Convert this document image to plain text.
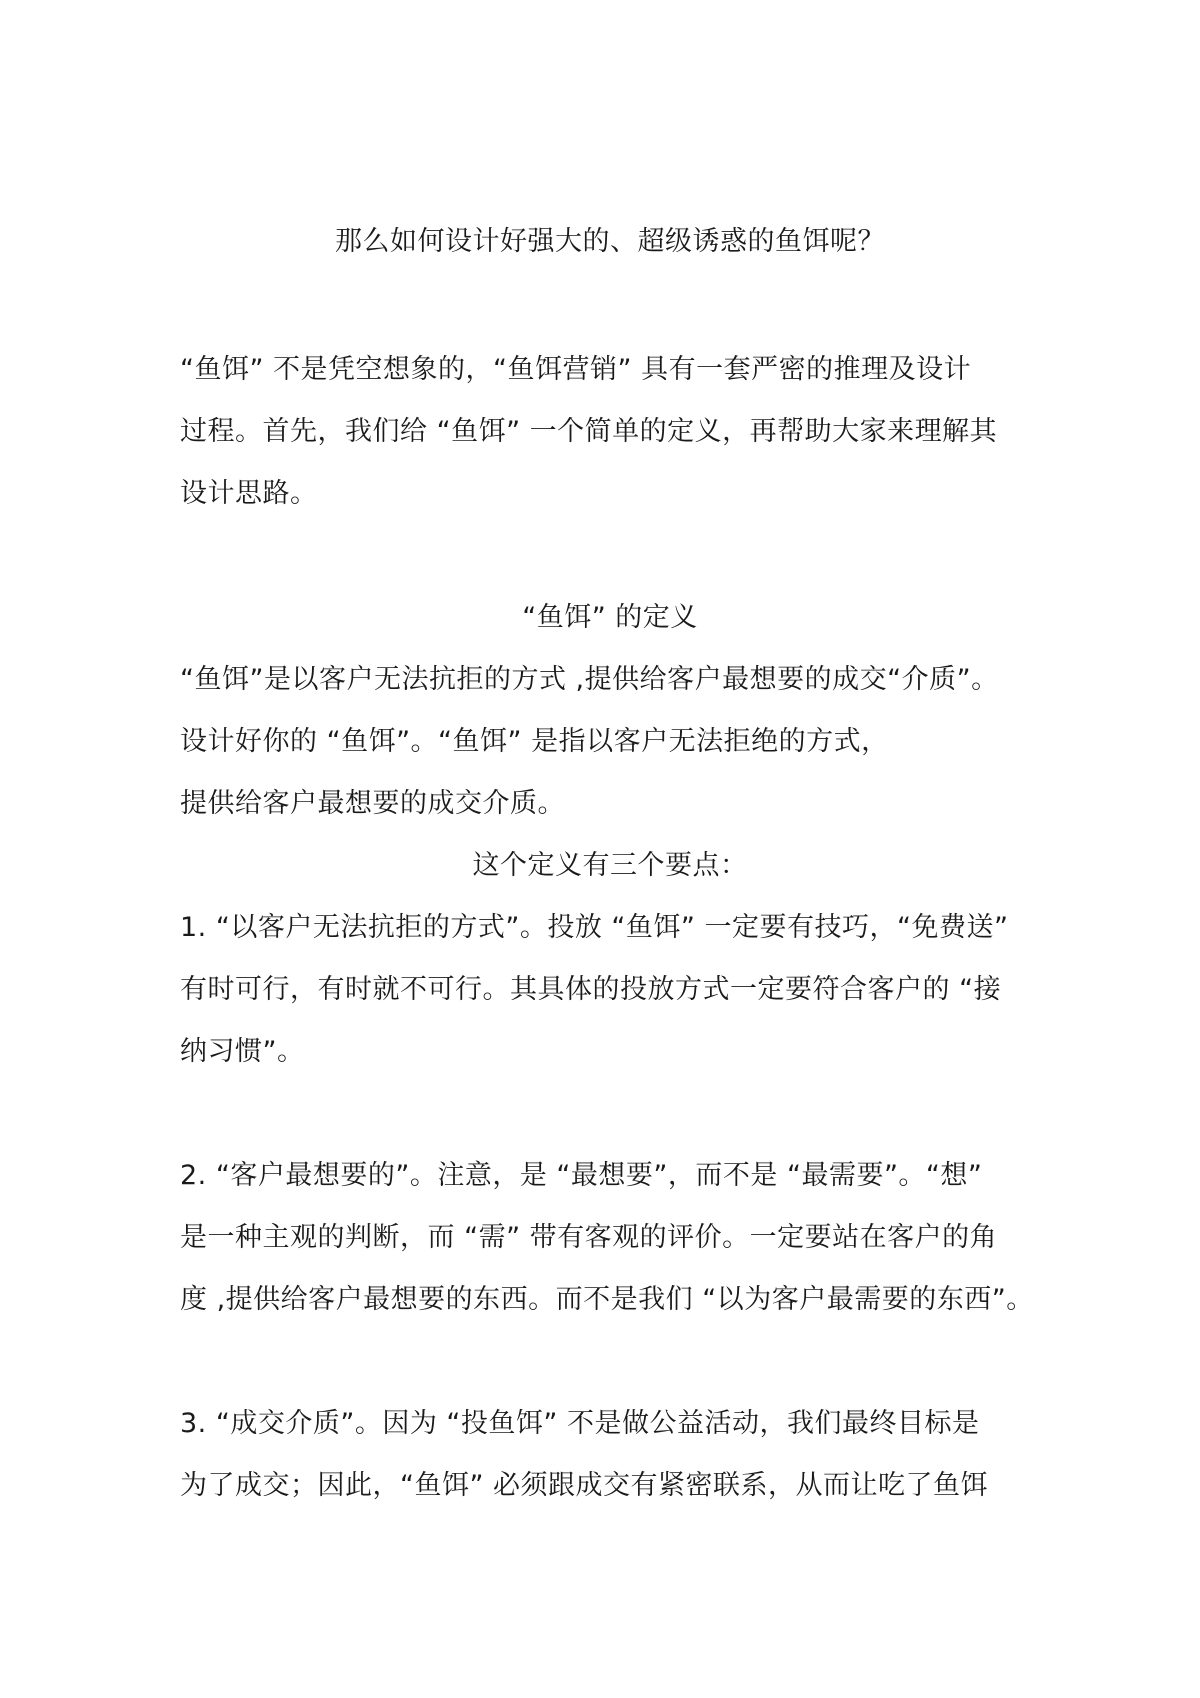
那么如何设计好强大的、超级诱惑的鱼饵呢？
“鱼饵” 不是凭空想象的，“鱼饵营销” 具有一套严密的推理及设计
过程。首先，我们给 “鱼饵” 一个简单的定义，再帮助大家来理解其
设计思路。
“鱼饵” 的定义
“鱼饵”是以客户无法抗拒的方式 ,提供给客户最想要的成交“介质”。
设计好你的 “鱼饵”。“鱼饵” 是指以客户无法拒绝的方式，
提供给客户最想要的成交介质。
这个定义有三个要点：
1. “以客户无法抗拒的方式”。投放 “鱼饵” 一定要有技巧，“免费送”
有时可行，有时就不可行。其具体的投放方式一定要符合客户的 “接
纳习惯”。
2. “客户最想要的”。注意，是 “最想要”，而不是 “最需要”。“想”
是一种主观的判断，而 “需” 带有客观的评价。一定要站在客户的角
度 ,提供给客户最想要的东西。而不是我们 “以为客户最需要的东西”。
3. “成交介质”。因为 “投鱼饵” 不是做公益活动，我们最终目标是
为了成交；因此，“鱼饵” 必须跟成交有紧密联系，从而让吃了鱼饵
